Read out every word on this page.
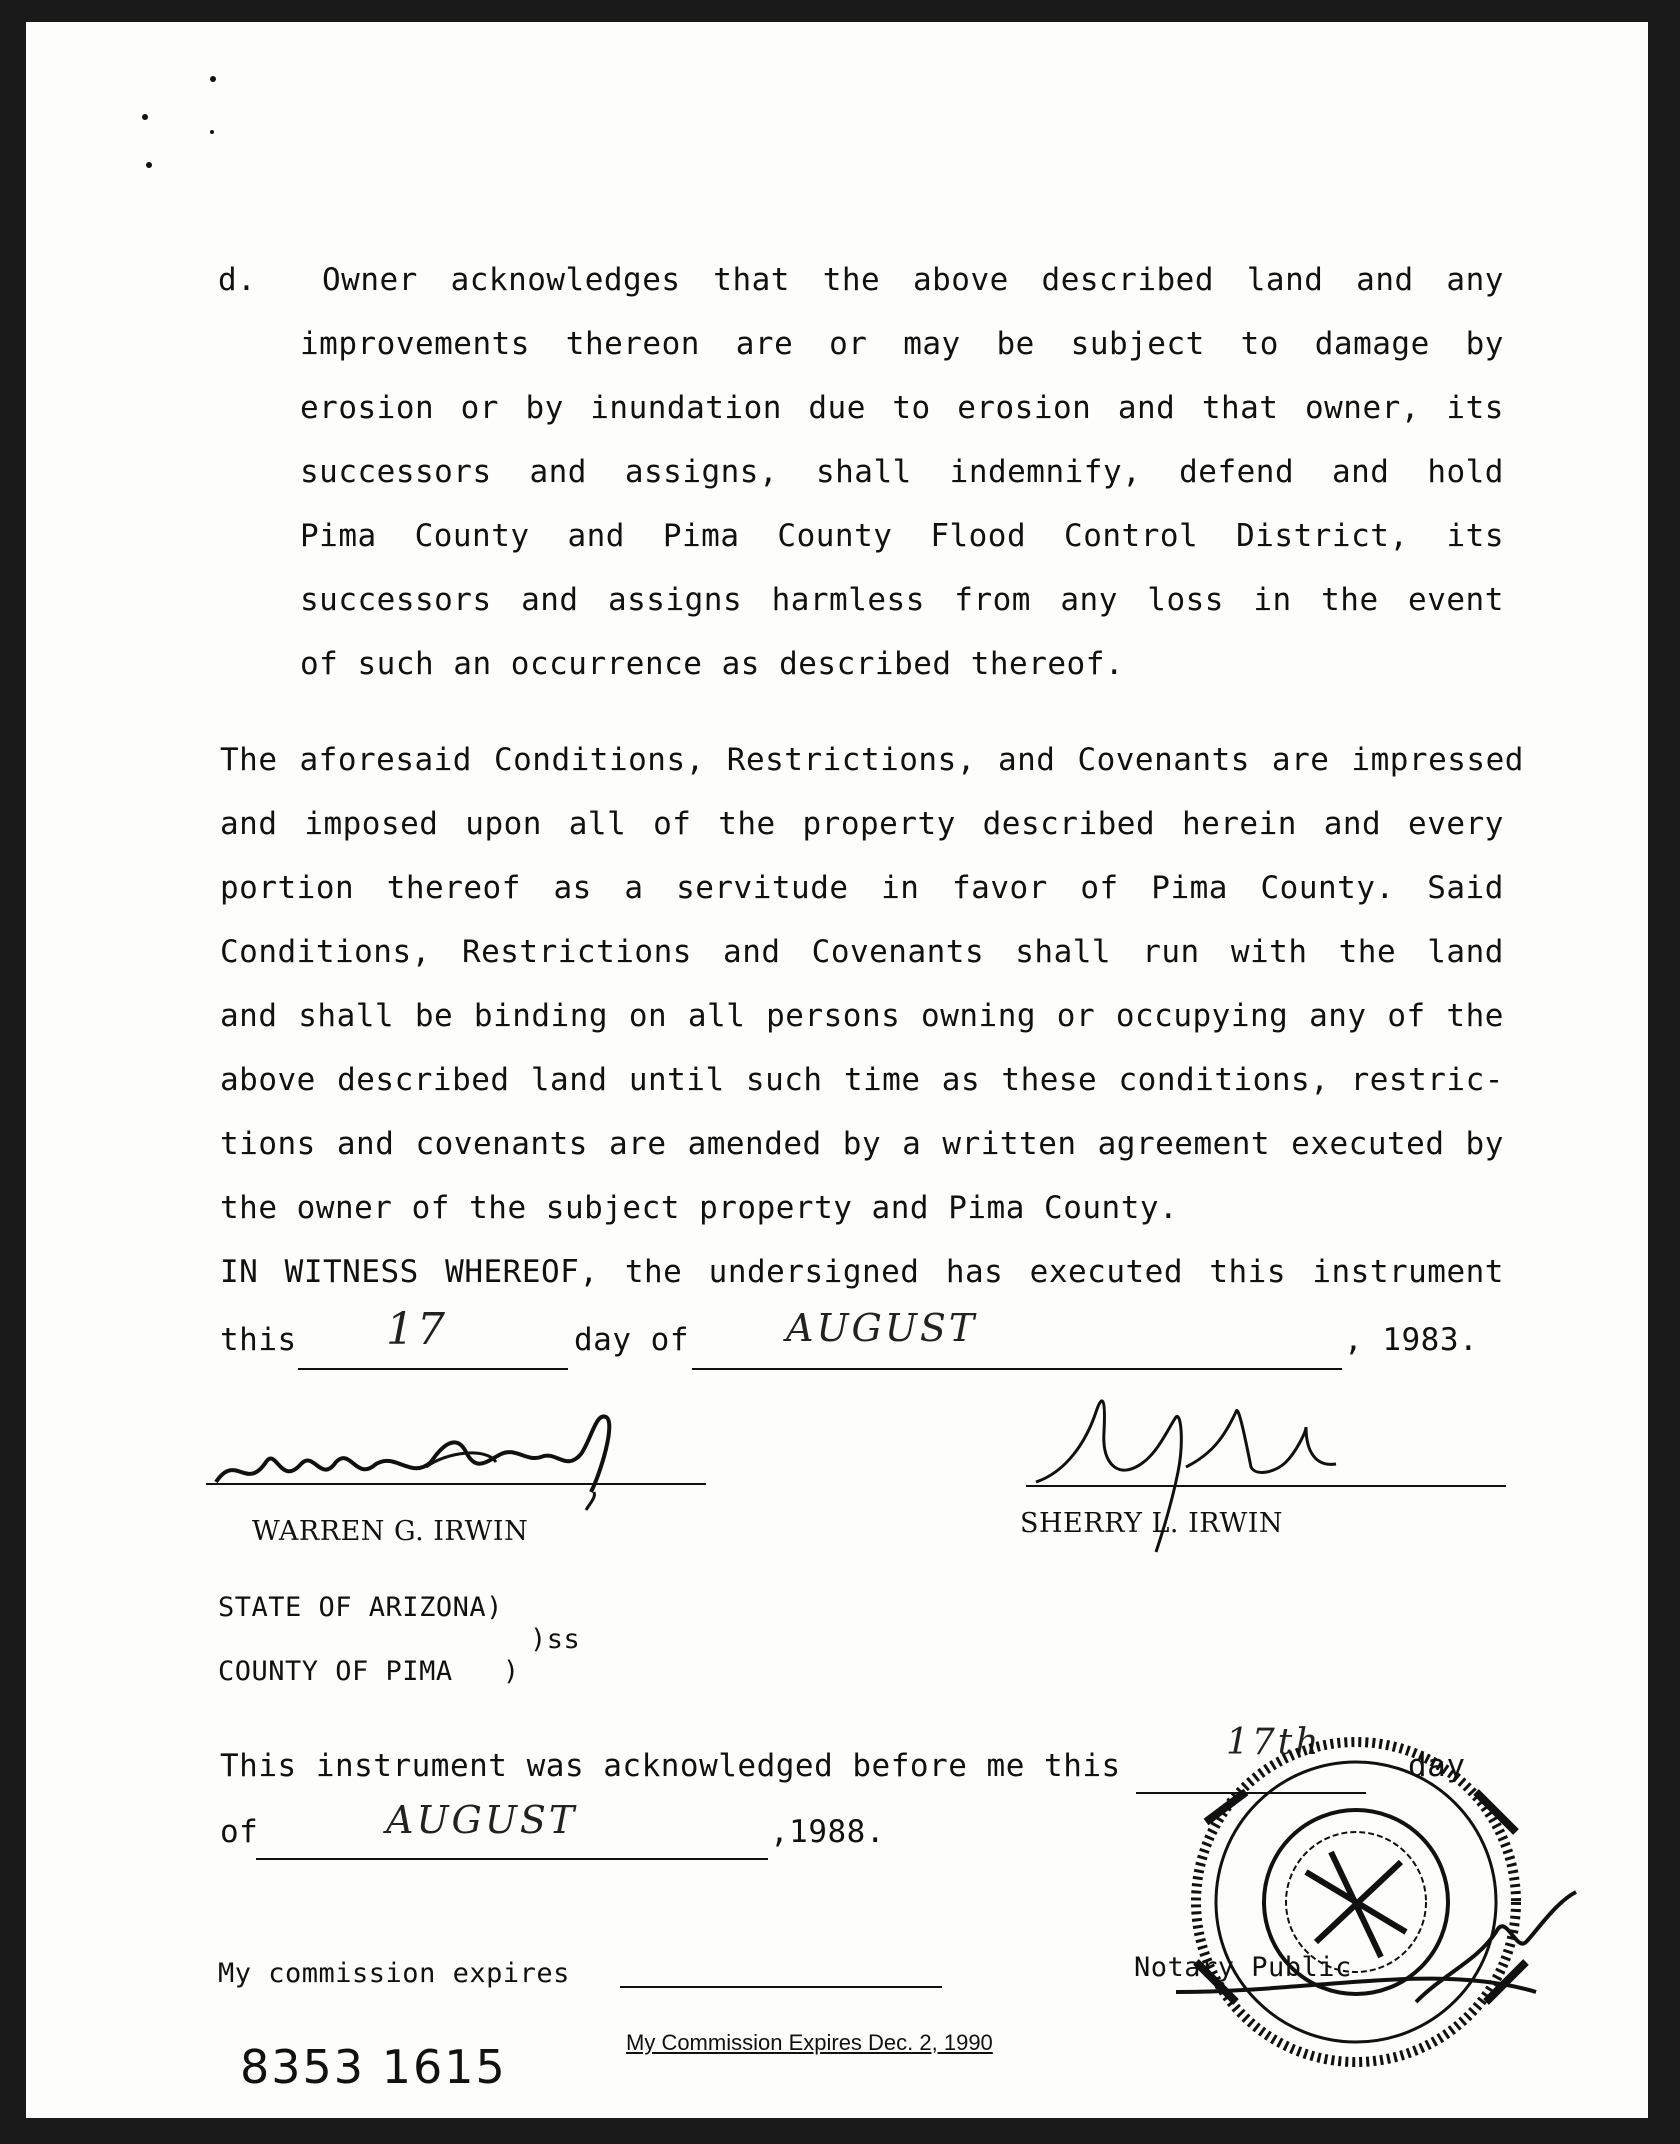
d. Owner acknowledges that the above described land and any
improvements thereon are or may be subject to damage by
erosion or by inundation due to erosion and that owner, its
successors and assigns, shall indemnify, defend and hold
Pima County and Pima County Flood Control District, its
successors and assigns harmless from any loss in the event
of such an occurrence as described thereof.
The aforesaid Conditions, Restrictions, and Covenants are impressed
and imposed upon all of the property described herein and every
portion thereof as a servitude in favor of Pima County. Said
Conditions, Restrictions and Covenants shall run with the land
and shall be binding on all persons owning or occupying any of the
above described land until such time as these conditions, restric-
tions and covenants are amended by a written agreement executed by
the owner of the subject property and Pima County.
IN WITNESS WHEREOF, the undersigned has executed this instrument
this 17	day of	AUGUST	, 1983.
WARREN G. IRWIN	SHERRY L. IRWIN
STATE OF ARIZONA)
)ss
COUNTY OF PIMA   )
This instrument was acknowledged before me this
17th
day
of	AUGUST	,1988.
Notary Public
My commission expires
My Commission Expires Dec. 2, 1990
8353 1615
